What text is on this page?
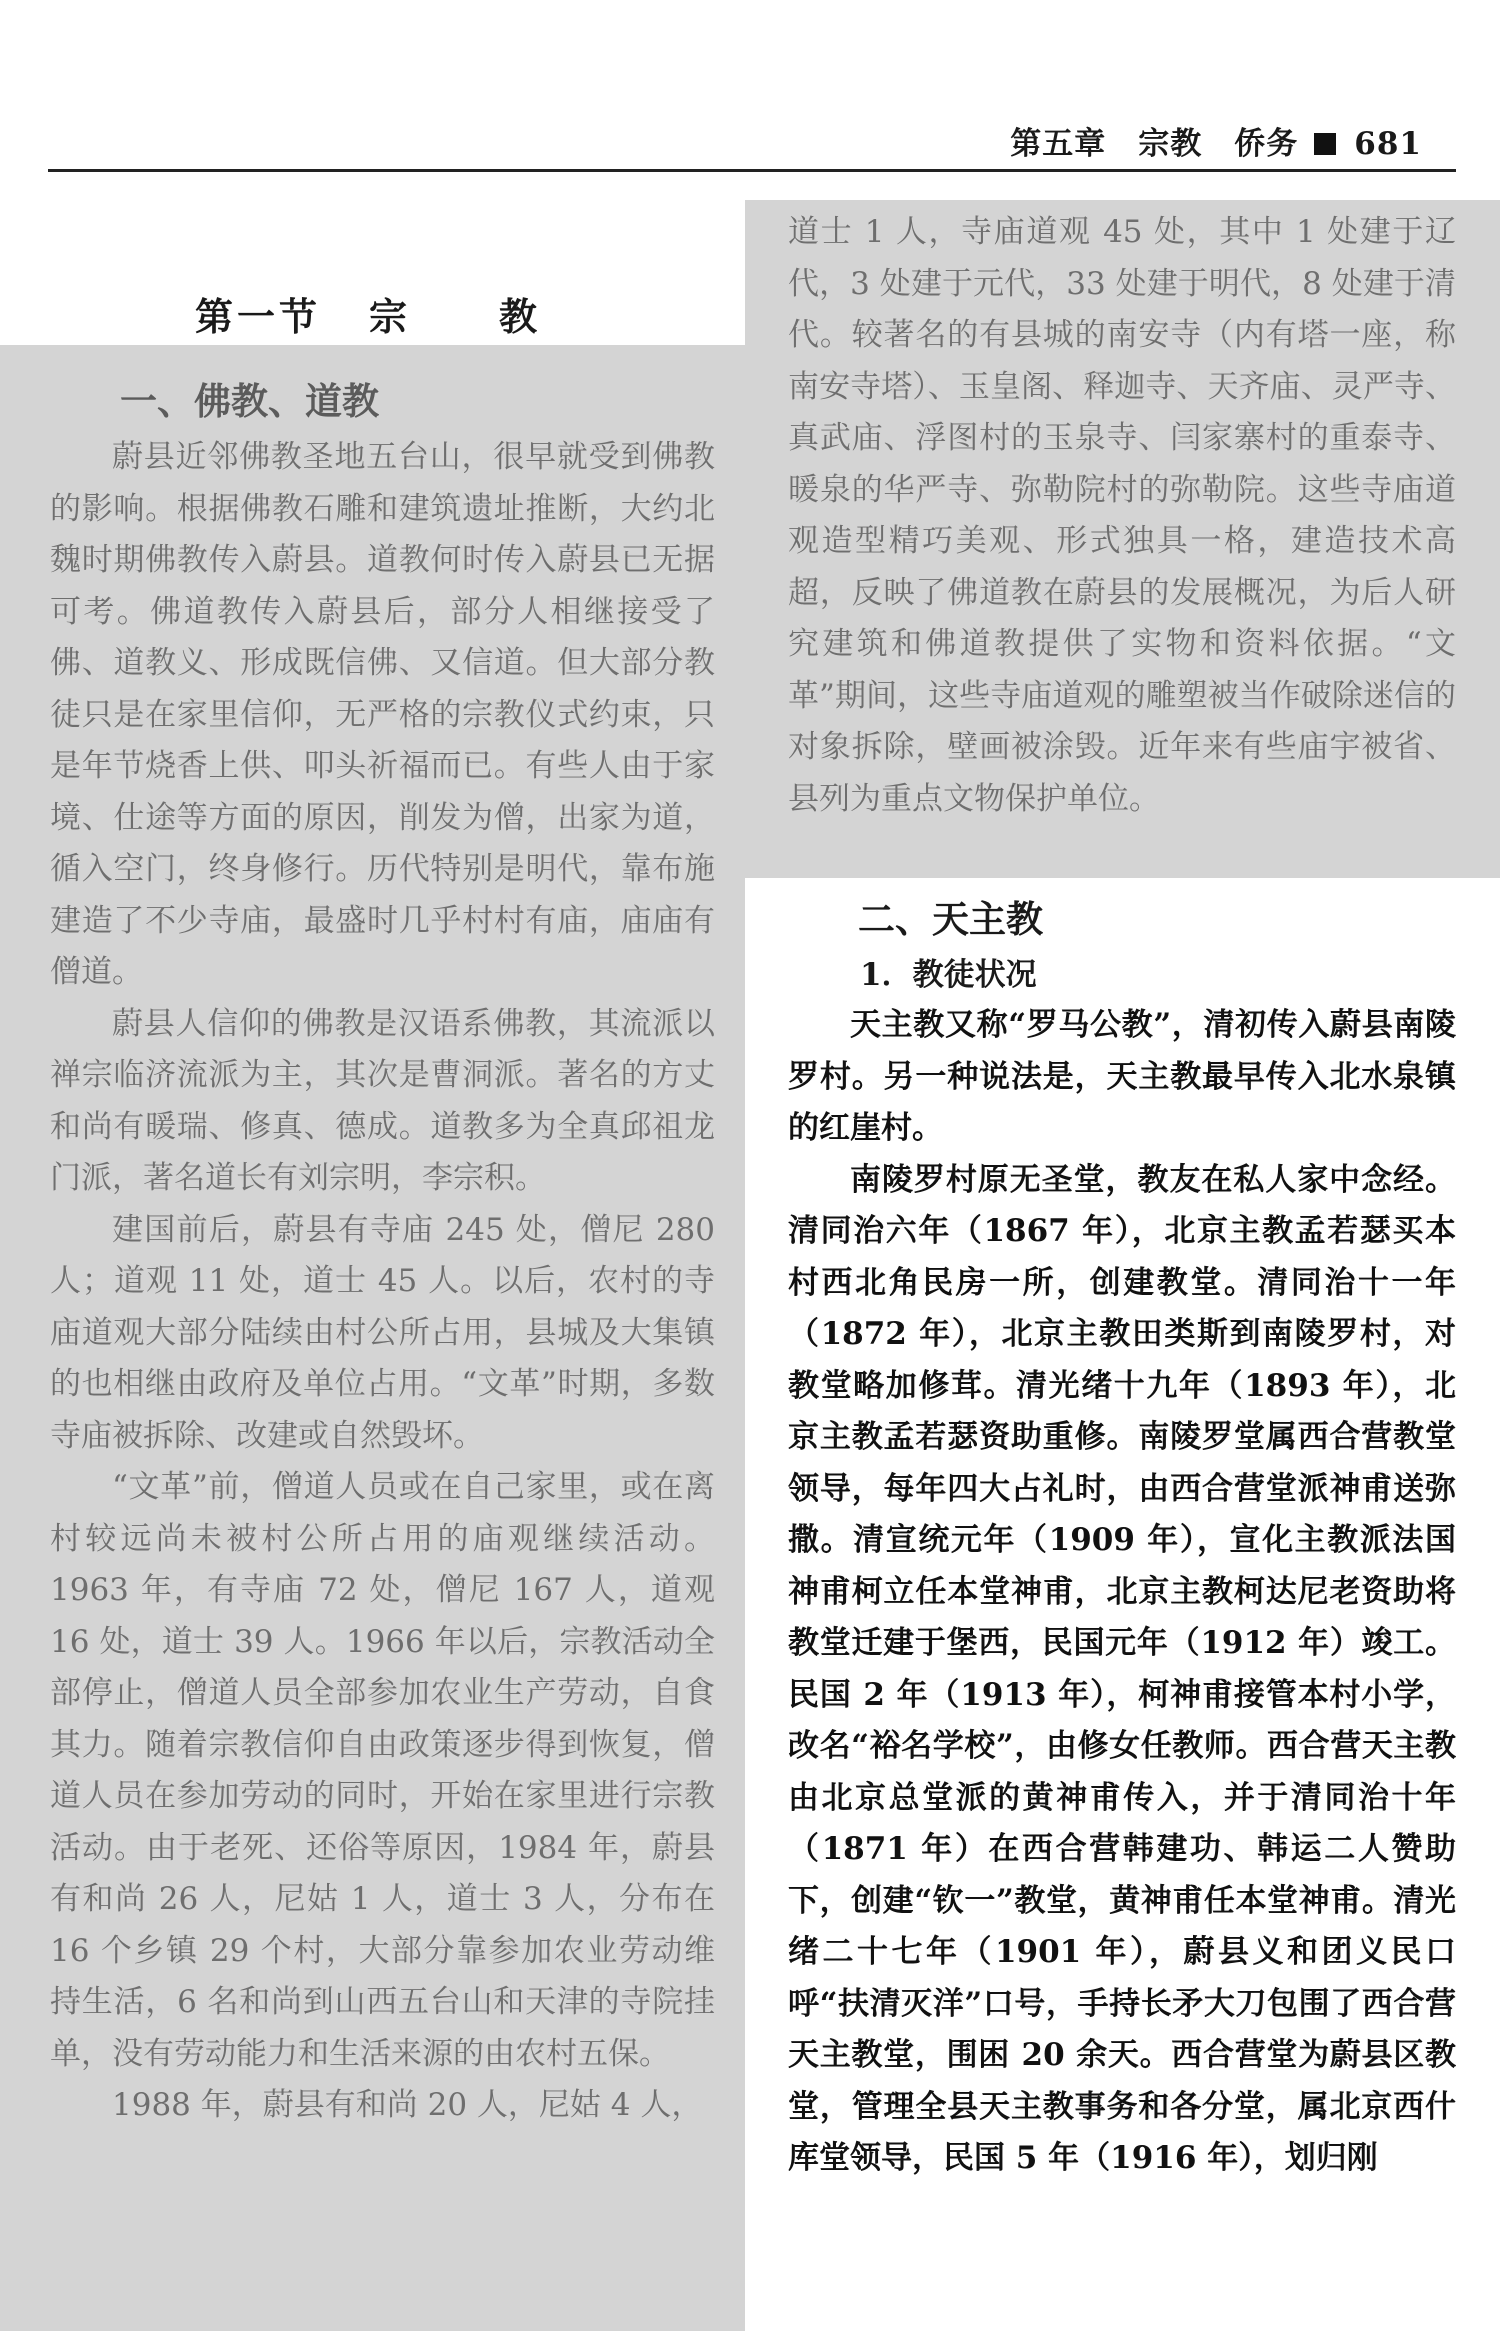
第五章　宗教　侨务 681
第一节 宗 教
一、佛教、道教

蔚县近邻佛教圣地五台山，很早就受到佛教的影响。根据佛教石雕和建筑遗址推断，大约北魏时期佛教传入蔚县。道教何时传入蔚县已无据可考。佛道教传入蔚县后，部分人相继接受了佛、道教义、形成既信佛、又信道。但大部分教徒只是在家里信仰，无严格的宗教仪式约束，只是年节烧香上供、叩头祈福而已。有些人由于家境、仕途等方面的原因，削发为僧，出家为道，循入空门，终身修行。历代特别是明代，靠布施建造了不少寺庙，最盛时几乎村村有庙，庙庙有僧道。

蔚县人信仰的佛教是汉语系佛教，其流派以禅宗临济流派为主，其次是曹洞派。著名的方丈和尚有暖瑞、修真、德成。道教多为全真邱祖龙门派，著名道长有刘宗明，李宗积。

建国前后，蔚县有寺庙 245 处，僧尼 280 人；道观 11 处，道士 45 人。以后，农村的寺庙道观大部分陆续由村公所占用，县城及大集镇的也相继由政府及单位占用。“文革”时期，多数寺庙被拆除、改建或自然毁坏。

“文革”前，僧道人员或在自己家里，或在离村较远尚未被村公所占用的庙观继续活动。1963 年，有寺庙 72 处，僧尼 167 人，道观 16 处，道士 39 人。1966 年以后，宗教活动全部停止，僧道人员全部参加农业生产劳动，自食其力。随着宗教信仰自由政策逐步得到恢复，僧道人员在参加劳动的同时，开始在家里进行宗教活动。由于老死、还俗等原因，1984 年，蔚县有和尚 26 人，尼姑 1 人，道士 3 人，分布在 16 个乡镇 29 个村，大部分靠参加农业劳动维持生活，6 名和尚到山西五台山和天津的寺院挂单，没有劳动能力和生活来源的由农村五保。

1988 年，蔚县有和尚 20 人，尼姑 4 人，

道士 1 人，寺庙道观 45 处，其中 1 处建于辽代，3 处建于元代，33 处建于明代，8 处建于清代。较著名的有县城的南安寺（内有塔一座，称南安寺塔）、玉皇阁、释迦寺、天齐庙、灵严寺、真武庙、浮图村的玉泉寺、闫家寨村的重泰寺、暖泉的华严寺、弥勒院村的弥勒院。这些寺庙道观造型精巧美观、形式独具一格，建造技术高超，反映了佛道教在蔚县的发展概况，为后人研究建筑和佛道教提供了实物和资料依据。“文革”期间，这些寺庙道观的雕塑被当作破除迷信的对象拆除，壁画被涂毁。近年来有些庙宇被省、县列为重点文物保护单位。

二、天主教
1．教徒状况

天主教又称“罗马公教”，清初传入蔚县南陵罗村。另一种说法是，天主教最早传入北水泉镇的红崖村。

南陵罗村原无圣堂，教友在私人家中念经。清同治六年（1867 年），北京主教孟若瑟买本村西北角民房一所，创建教堂。清同治十一年（1872 年），北京主教田类斯到南陵罗村，对教堂略加修茸。清光绪十九年（1893 年），北京主教孟若瑟资助重修。南陵罗堂属西合营教堂领导，每年四大占礼时，由西合营堂派神甫送弥撒。清宣统元年（1909 年），宣化主教派法国神甫柯立任本堂神甫，北京主教柯达尼老资助将教堂迁建于堡西，民国元年（1912 年）竣工。民国 2 年（1913 年），柯神甫接管本村小学，改名“裕名学校”，由修女任教师。西合营天主教由北京总堂派的黄神甫传入，并于清同治十年（1871 年）在西合营韩建功、韩运二人赞助下，创建“钦一”教堂，黄神甫任本堂神甫。清光绪二十七年（1901 年），蔚县义和团义民口呼“扶清灭洋”口号，手持长矛大刀包围了西合营天主教堂，围困 20 余天。西合营堂为蔚县区教堂，管理全县天主教事务和各分堂，属北京西什库堂领导，民国 5 年（1916 年），划归刚
